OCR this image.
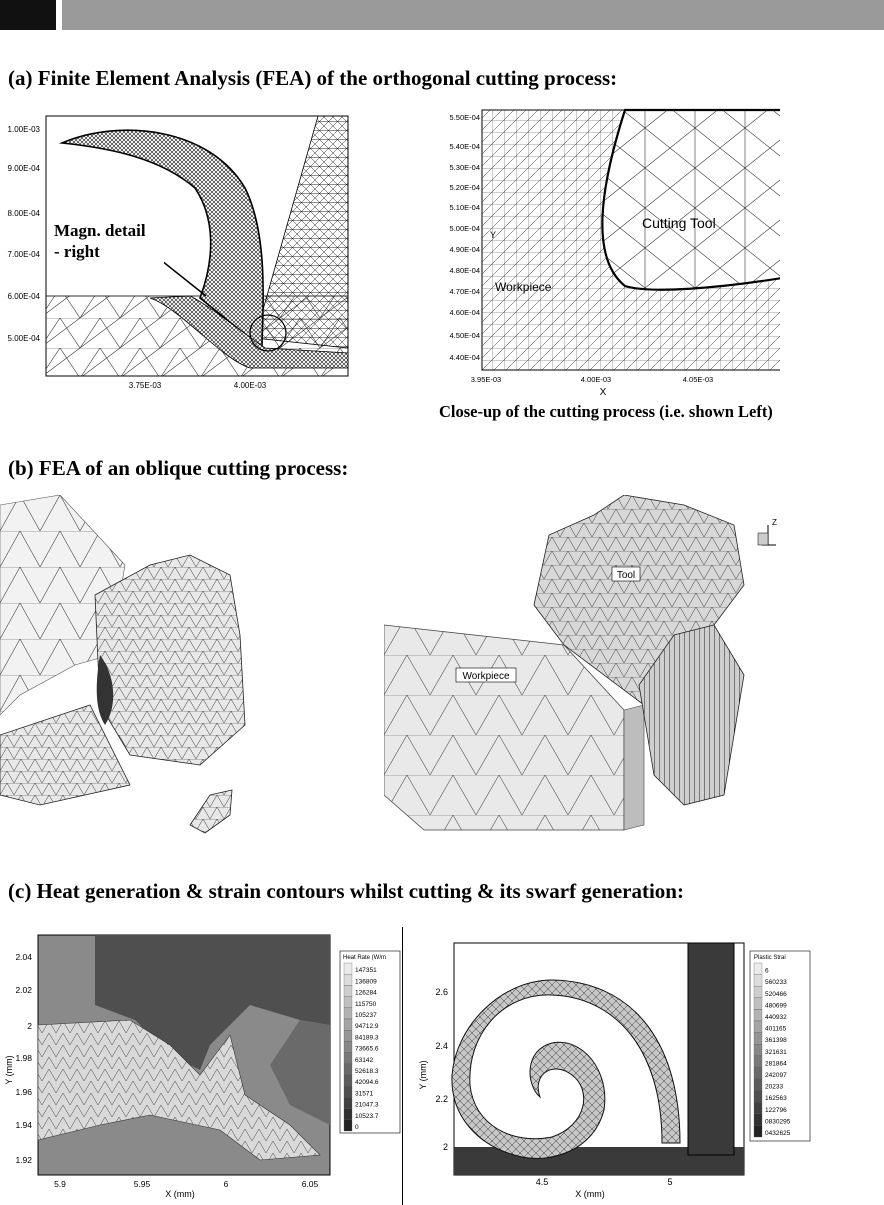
(a) Finite Element Analysis (FEA) of the orthogonal cutting process:
1.00E-03
9.00E-04
8.00E-04
7.00E-04
6.00E-04
5.00E-04
3.75E-03	4.00E-03
Magn. detail
- right
5.50E-04
5.40E-04
5.30E-04
5.20E-04
5.10E-04
5.00E-04
4.90E-04
4.80E-04
4.70E-04
4.60E-04
4.50E-04
4.40E-04
3.95E-03	4.00E-03	4.05E-03
X
Y
Cutting Tool
Workpiece
Close-up of the cutting process (i.e. shown Left)
(b) FEA of an oblique cutting process:
Tool
Workpiece
Z
(c) Heat generation & strain contours whilst cutting & its swarf generation:
2.04
2.02
2
1.98
1.96
1.94
1.92
5.9	5.95	6	6.05
X (mm)
Y (mm)
Heat Rate (W/m
147351
136809
126284
115750
105237
94712.9
84189.3
73665.6
63142
52618.3
42094.6
31571
21047.3
10523.7
0
2.6
2.4
2.2
2
4.5	5
X (mm)
Y (mm)
Plastic Strai
6
560233
520466
480699
440932
401165
361398
321631
281864
242097
20233
162563
122796
0830295
0432625
